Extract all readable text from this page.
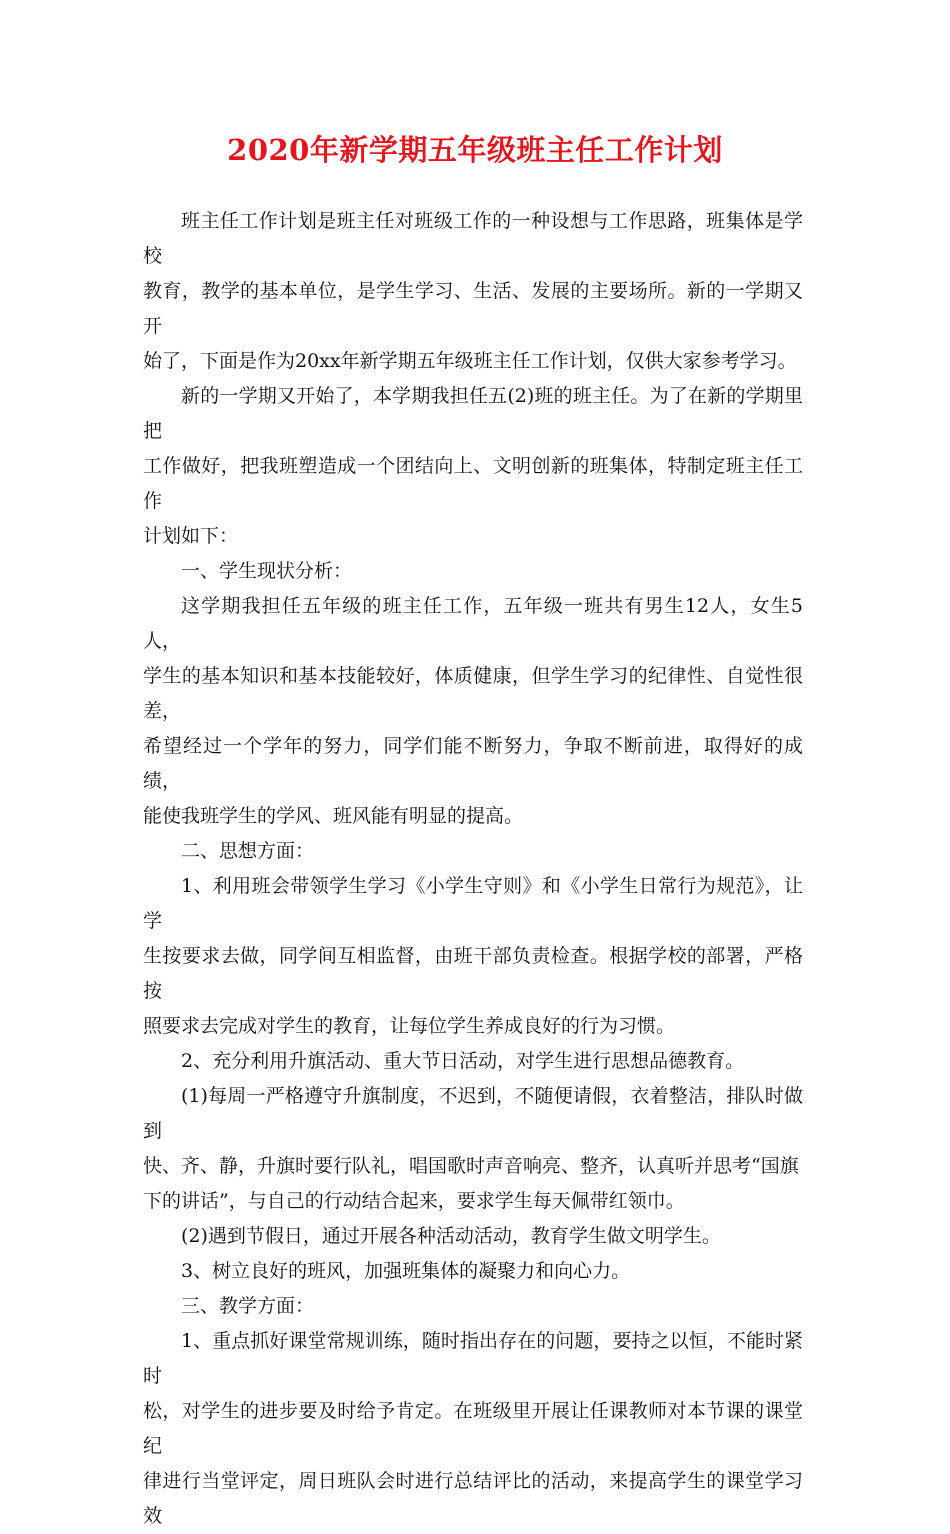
2020年新学期五年级班主任工作计划

班主任工作计划是班主任对班级工作的一种设想与工作思路，班集体是学校
教育，教学的基本单位，是学生学习、生活、发展的主要场所。新的一学期又开
始了，下面是作为20xx年新学期五年级班主任工作计划，仅供大家参考学习。

新的一学期又开始了，本学期我担任五(2)班的班主任。为了在新的学期里把
工作做好，把我班塑造成一个团结向上、文明创新的班集体，特制定班主任工作
计划如下：

一、学生现状分析：

这学期我担任五年级的班主任工作，五年级一班共有男生12人，女生5人，
学生的基本知识和基本技能较好，体质健康，但学生学习的纪律性、自觉性很差，
希望经过一个学年的努力，同学们能不断努力，争取不断前进，取得好的成绩，
能使我班学生的学风、班风能有明显的提高。

二、思想方面：

1、利用班会带领学生学习《小学生守则》和《小学生日常行为规范》，让学
生按要求去做，同学间互相监督，由班干部负责检查。根据学校的部署，严格按
照要求去完成对学生的教育，让每位学生养成良好的行为习惯。

2、充分利用升旗活动、重大节日活动，对学生进行思想品德教育。

(1)每周一严格遵守升旗制度，不迟到，不随便请假，衣着整洁，排队时做到
快、齐、静，升旗时要行队礼，唱国歌时声音响亮、整齐，认真听并思考“国旗
下的讲话”，与自己的行动结合起来，要求学生每天佩带红领巾。

(2)遇到节假日，通过开展各种活动活动，教育学生做文明学生。

3、树立良好的班风，加强班集体的凝聚力和向心力。

三、教学方面：

1、重点抓好课堂常规训练，随时指出存在的问题，要持之以恒，不能时紧时
松，对学生的进步要及时给予肯定。在班级里开展让任课教师对本节课的课堂纪
律进行当堂评定，周日班队会时进行总结评比的活动，来提高学生的课堂学习效
